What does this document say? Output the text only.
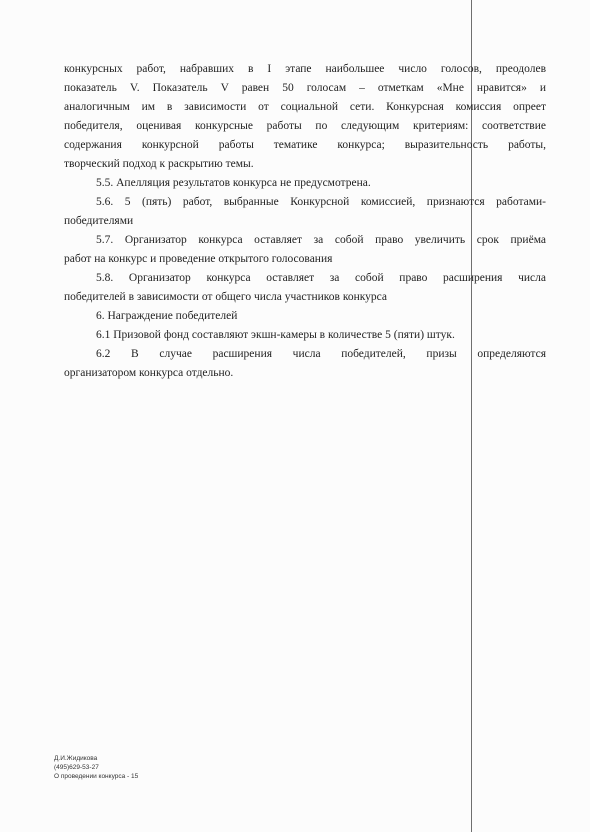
конкурсных работ, набравших в I этапе наибольшее число голосов, преодолев
показатель V. Показатель V равен 50 голосам – отметкам «Мне нравится» и
аналогичным им в зависимости от социальной сети. Конкурсная комиссия опреет
победителя, оценивая конкурсные работы по следующим критериям: соответствие
содержания конкурсной работы тематике конкурса; выразительность работы,
творческий подход к раскрытию темы.
5.5. Апелляция результатов конкурса не предусмотрена.
5.6. 5 (пять) работ, выбранные Конкурсной комиссией, признаются работами-
победителями
5.7. Организатор конкурса оставляет за собой право увеличить срок приёма
работ на конкурс и проведение открытого голосования
5.8. Организатор конкурса оставляет за собой право расширения числа
победителей в зависимости от общего числа участников конкурса
6. Награждение победителей
6.1 Призовой фонд составляют экшн-камеры в количестве 5 (пяти) штук.
6.2 В случае расширения числа победителей, призы определяются
организатором конкурса отдельно.
Д.И.Жидикова
(495)629-53-27
О проведении конкурса - 15
